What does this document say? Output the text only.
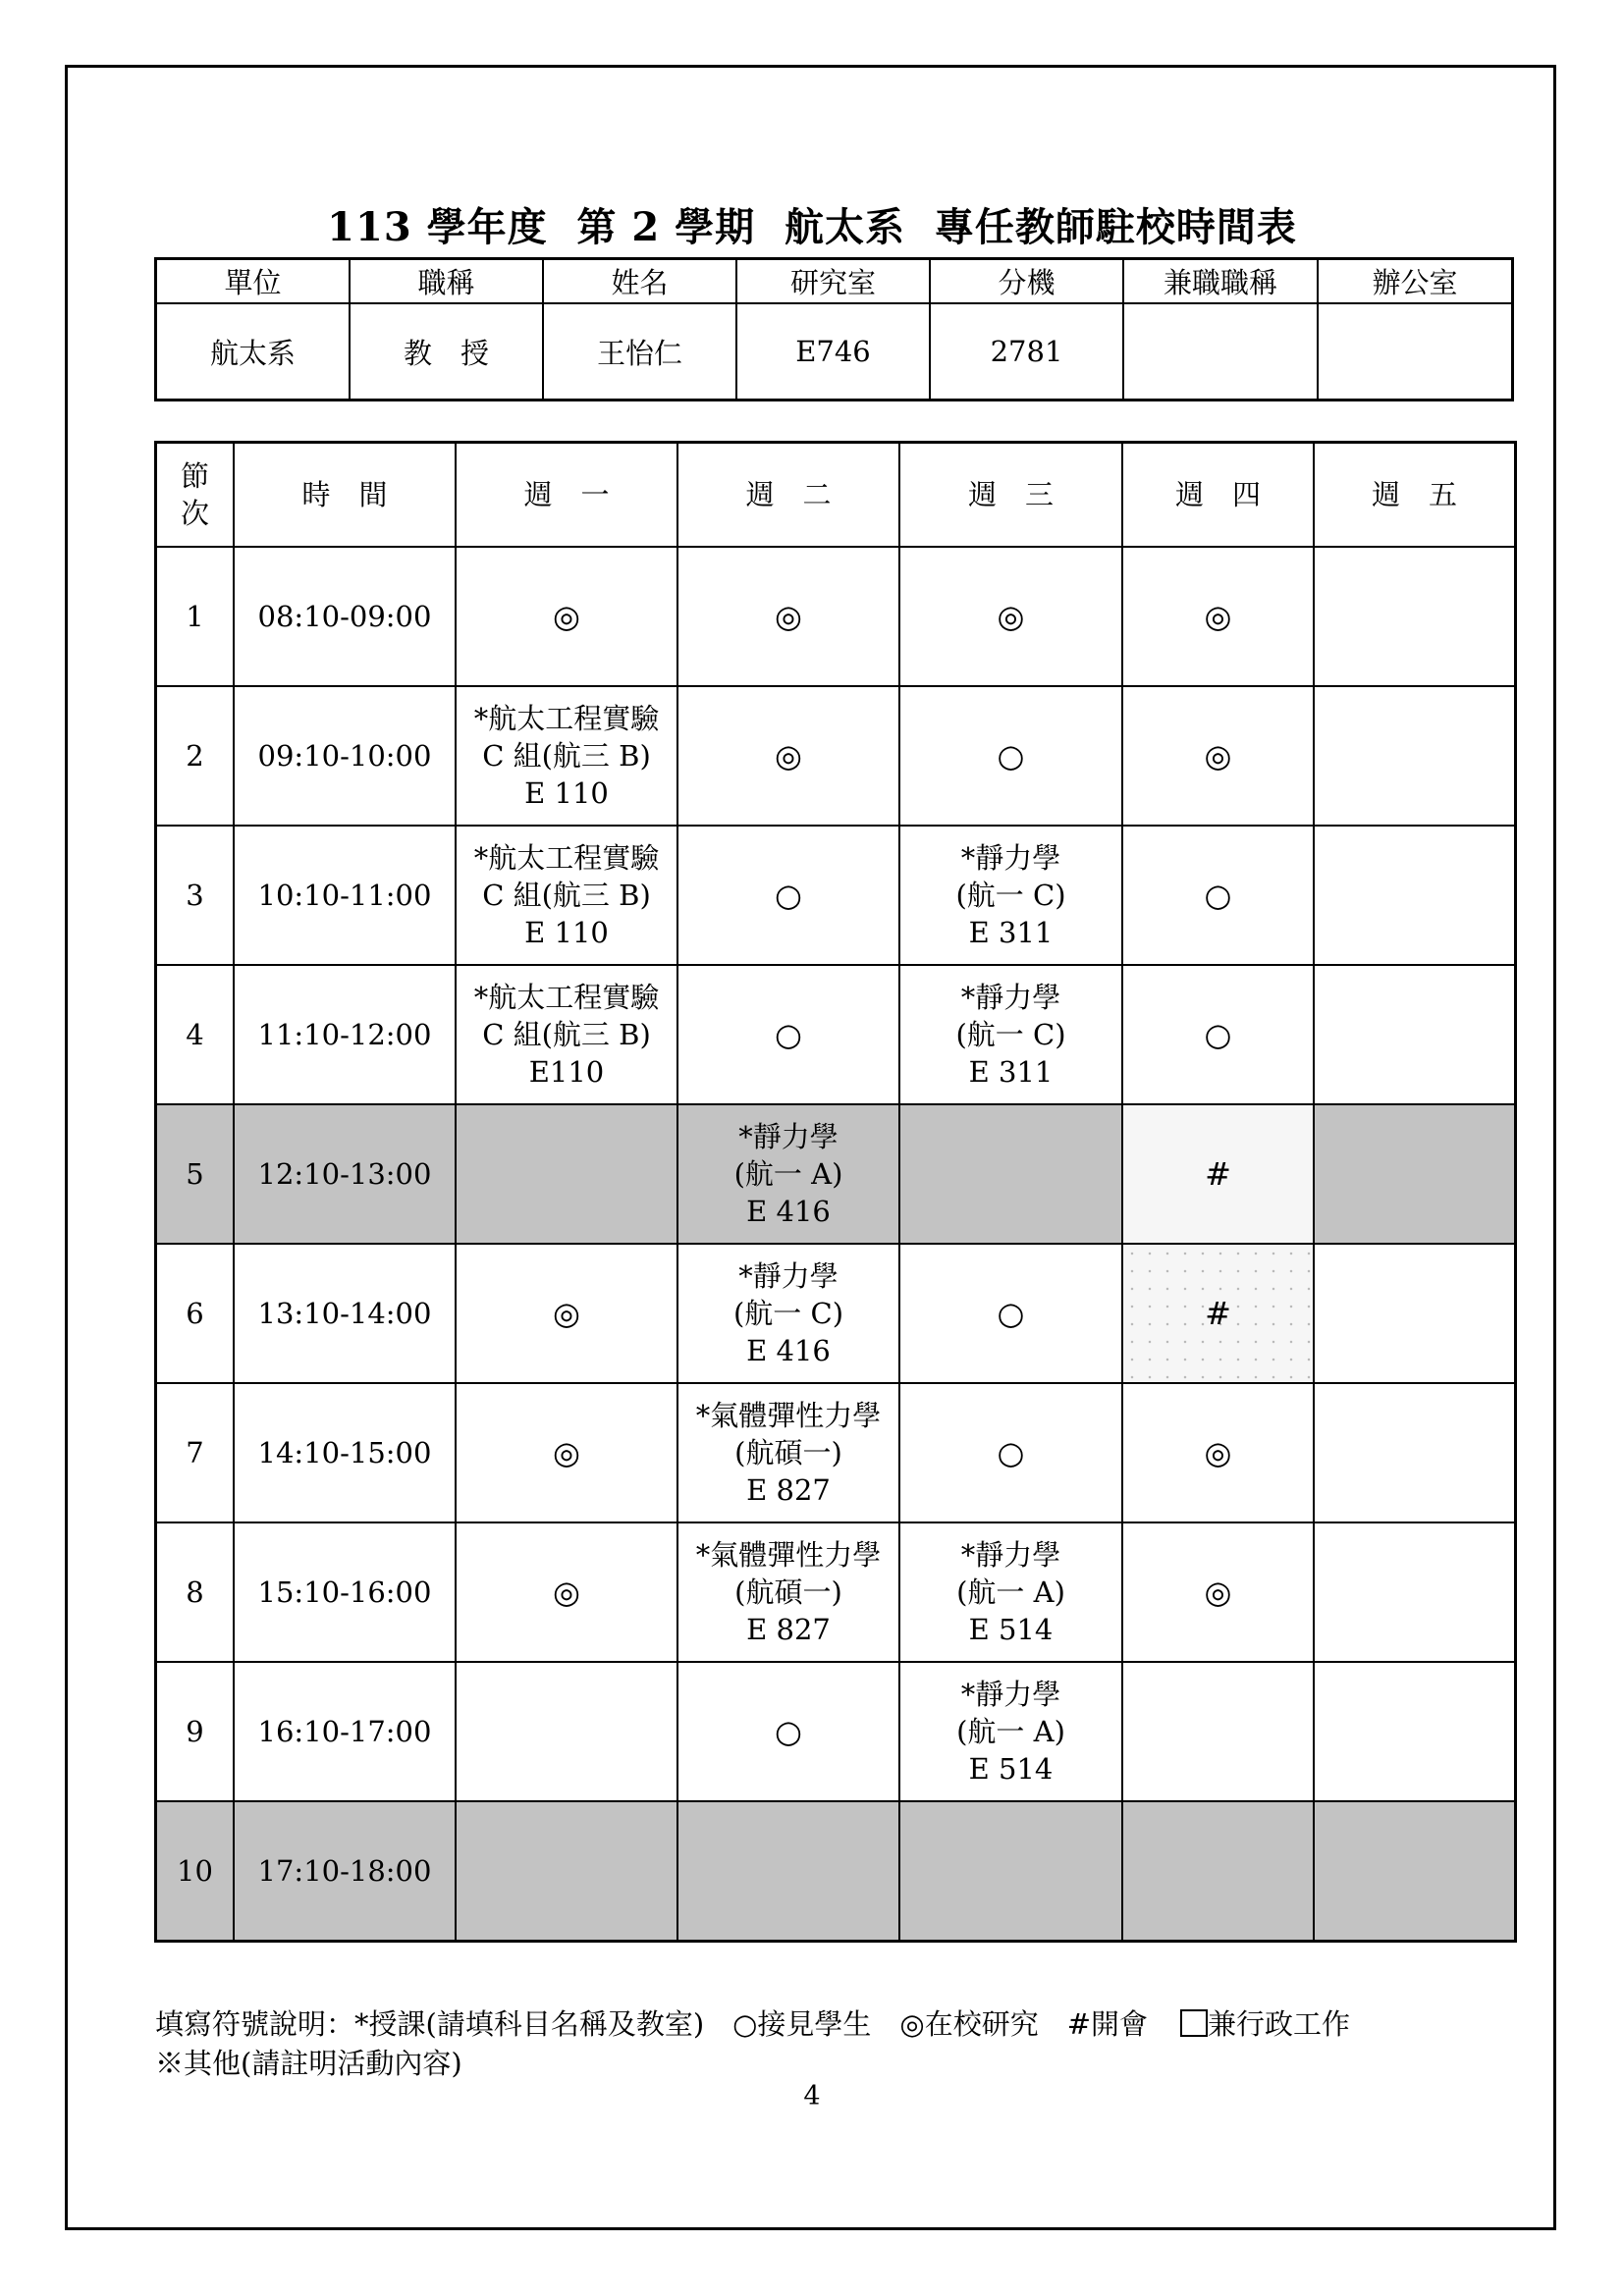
113 學年度  第 2 學期  航太系  專任教師駐校時間表
單位	職稱	姓名	研究室	分機	兼職職稱	辦公室
航太系	教　授	王怡仁	E746	2781		
節
次	時　間	週　一	週　二	週　三	週　四	週　五
1	08:10-09:00	◎	◎	◎	◎	

2	09:10-10:00	*航太工程實驗
C 組(航三 B)
E 110	◎	○	◎	

3	10:10-11:00	*航太工程實驗
C 組(航三 B)
E 110	○	*靜力學
(航一 C)
E 311	○	

4	11:10-12:00	*航太工程實驗
C 組(航三 B)
E110	○	*靜力學
(航一 C)
E 311	○	

5	12:10-13:00		*靜力學
(航一 A)
E 416		#	

6	13:10-14:00	◎	*靜力學
(航一 C)
E 416	○	#	

7	14:10-15:00	◎	*氣體彈性力學
(航碩一)
E 827	○	◎	

8	15:10-16:00	◎	*氣體彈性力學
(航碩一)
E 827	*靜力學
(航一 A)
E 514	◎	

9	16:10-17:00		○	*靜力學
(航一 A)
E 514		

10	17:10-18:00					
填寫符號說明：*授課(請填科目名稱及教室)　○接見學生　◎在校研究　#開會　兼行政工作
※其他(請註明活動內容)
4
